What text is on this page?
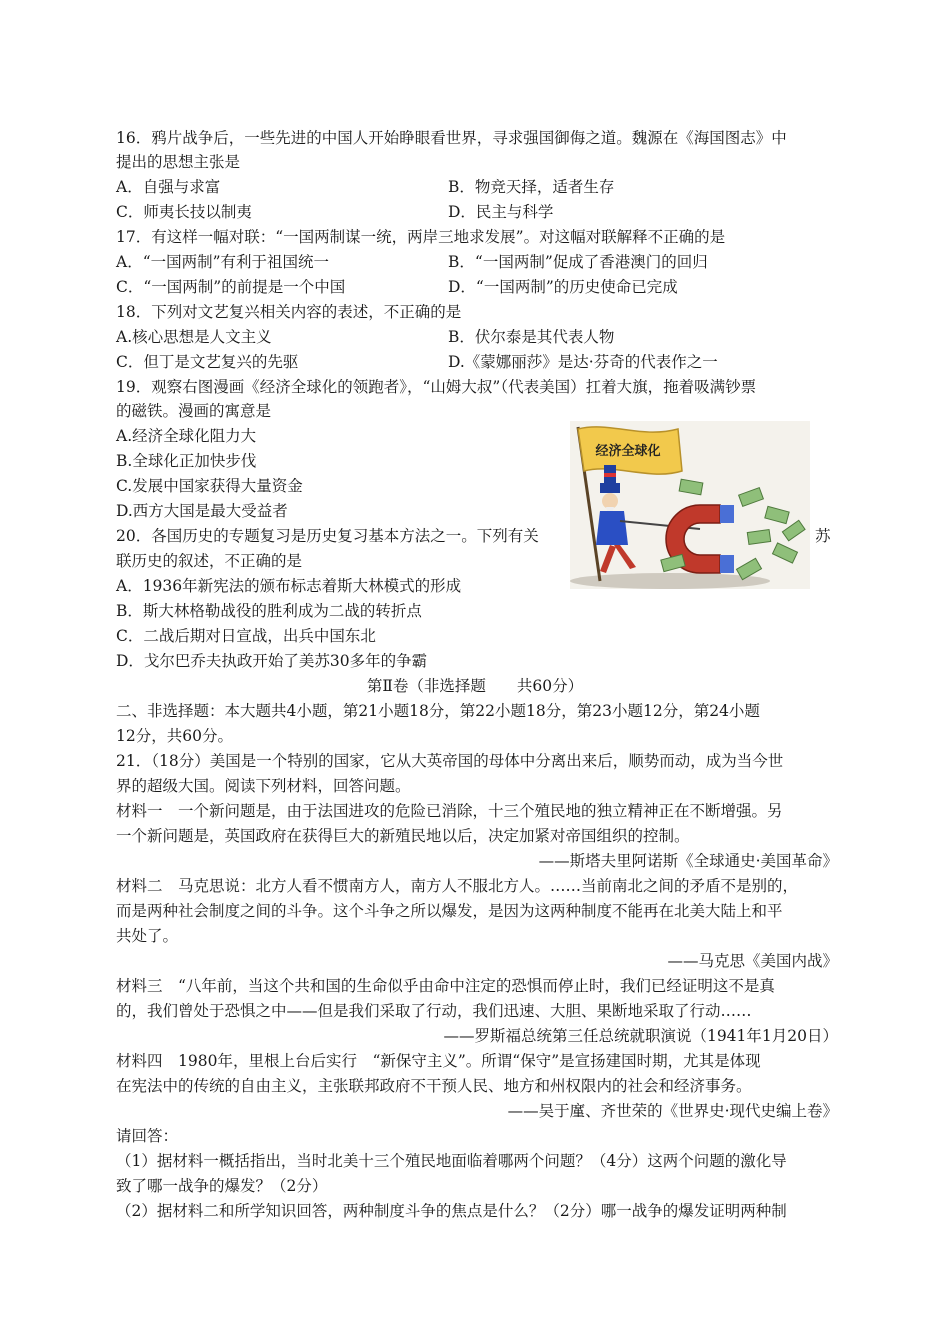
16．鸦片战争后，一些先进的中国人开始睁眼看世界，寻求强国御侮之道。魏源在《海国图志》中
提出的思想主张是
A．自强与求富	B．物竞天择，适者生存
C．师夷长技以制夷	D．民主与科学
17．有这样一幅对联：“一国两制谋一统，两岸三地求发展”。对这幅对联解释不正确的是
A．“一国两制”有利于祖国统一	B．“一国两制”促成了香港澳门的回归
C．“一国两制”的前提是一个中国	D．“一国两制”的历史使命已完成
18．下列对文艺复兴相关内容的表述，不正确的是
A.核心思想是人文主义	B．伏尔泰是其代表人物
C．但丁是文艺复兴的先驱	D.《蒙娜丽莎》是达·芬奇的代表作之一
19．观察右图漫画《经济全球化的领跑者》，“山姆大叔”（代表美国）扛着大旗，拖着吸满钞票
的磁铁。漫画的寓意是
A.经济全球化阻力大
B.全球化正加快步伐
C.发展中国家获得大量资金
D.西方大国是最大受益者
经济全球化
20．各国历史的专题复习是历史复习基本方法之一。下列有关	苏
联历史的叙述，不正确的是
A．1936年新宪法的颁布标志着斯大林模式的形成
B．斯大林格勒战役的胜利成为二战的转折点
C．二战后期对日宣战，出兵中国东北
D．戈尔巴乔夫执政开始了美苏30多年的争霸
第Ⅱ卷（非选择题　　共60分）
二、非选择题：本大题共4小题，第21小题18分，第22小题18分，第23小题12分，第24小题
12分，共60分。
21．（18分）美国是一个特别的国家，它从大英帝国的母体中分离出来后，顺势而动，成为当今世
界的超级大国。阅读下列材料，回答问题。
材料一　一个新问题是，由于法国进攻的危险已消除，十三个殖民地的独立精神正在不断增强。另
一个新问题是，英国政府在获得巨大的新殖民地以后，决定加紧对帝国组织的控制。
——斯塔夫里阿诺斯《全球通史·美国革命》
材料二　马克思说：北方人看不惯南方人，南方人不服北方人。……当前南北之间的矛盾不是别的，
而是两种社会制度之间的斗争。这个斗争之所以爆发，是因为这两种制度不能再在北美大陆上和平
共处了。
——马克思《美国内战》
材料三　“八年前，当这个共和国的生命似乎由命中注定的恐惧而停止时，我们已经证明这不是真
的，我们曾处于恐惧之中——但是我们采取了行动，我们迅速、大胆、果断地采取了行动……
——罗斯福总统第三任总统就职演说（1941年1月20日）
材料四　1980年，里根上台后实行　“新保守主义”。所谓“保守”是宣扬建国时期，尤其是体现
在宪法中的传统的自由主义，主张联邦政府不干预人民、地方和州权限内的社会和经济事务。
——吴于廑、齐世荣的《世界史·现代史编上卷》
请回答：
（1）据材料一概括指出，当时北美十三个殖民地面临着哪两个问题？（4分）这两个问题的激化导
致了哪一战争的爆发？（2分）
（2）据材料二和所学知识回答，两种制度斗争的焦点是什么？（2分）哪一战争的爆发证明两种制
